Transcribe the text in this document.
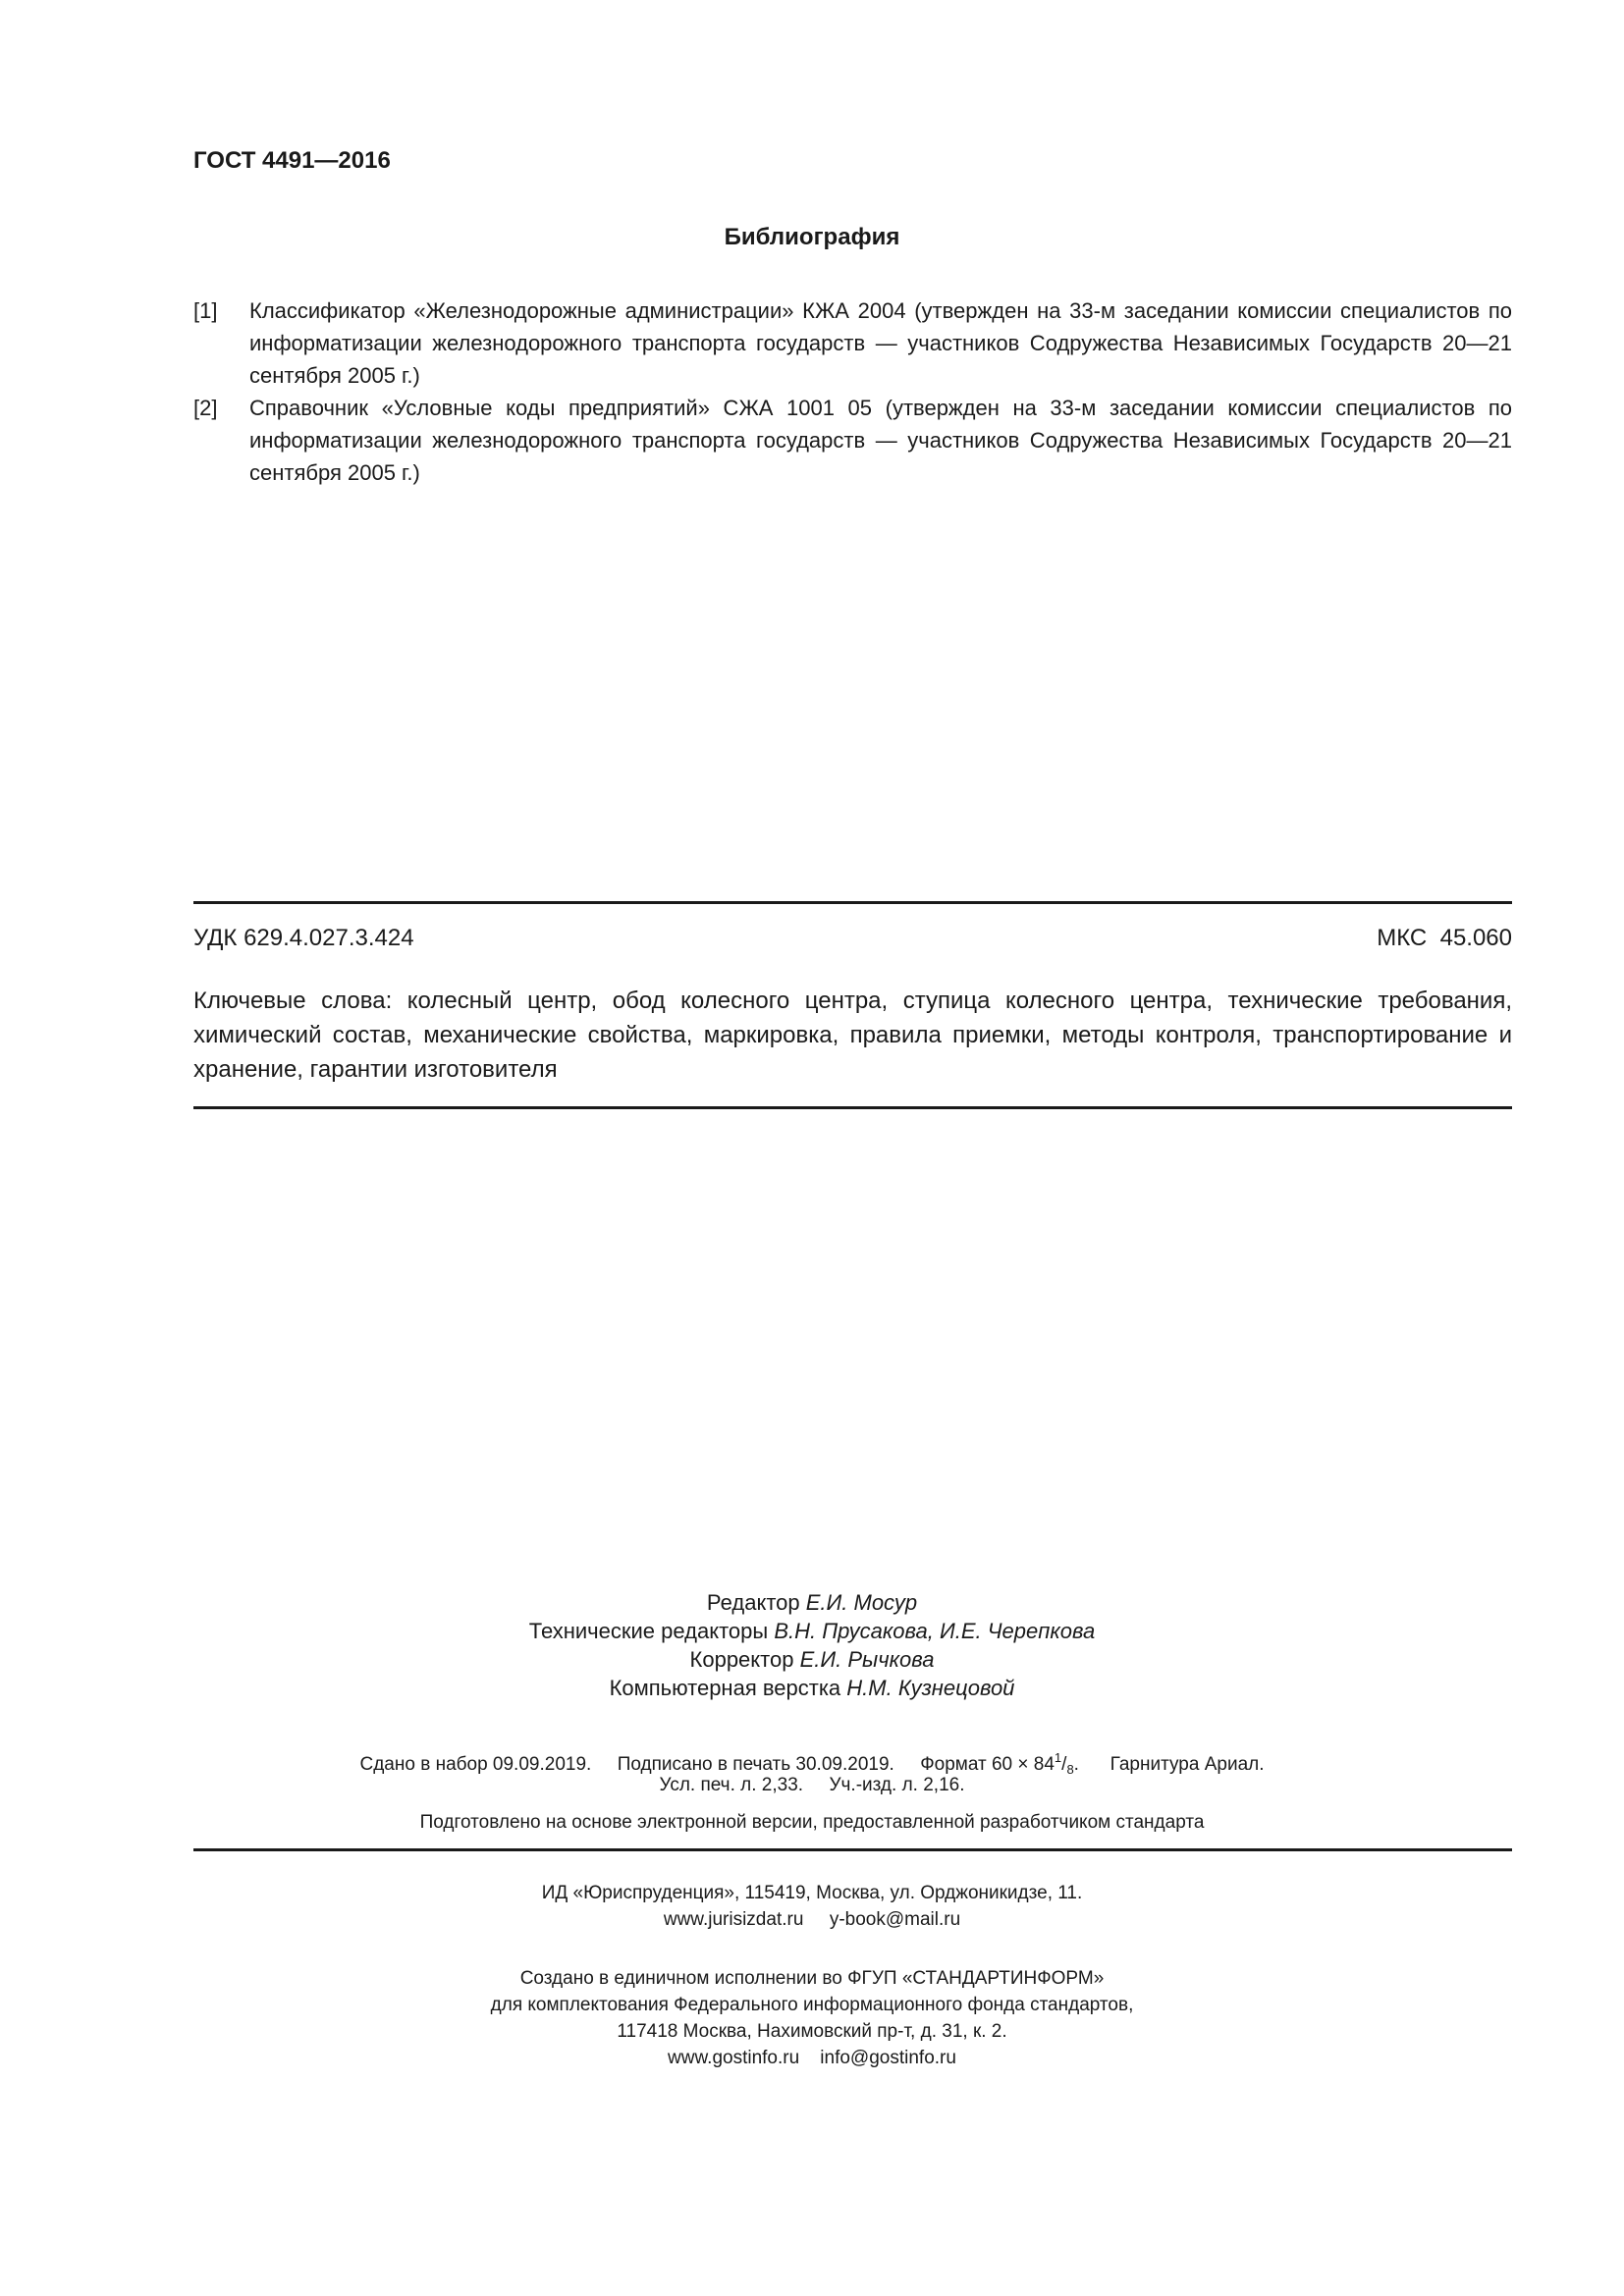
ГОСТ 4491—2016
Библиография
[1] Классификатор «Железнодорожные администрации» КЖА 2004 (утвержден на 33-м заседании комиссии специалистов по информатизации железнодорожного транспорта государств — участников Содружества Независимых Государств 20—21 сентября 2005 г.)
[2] Справочник «Условные коды предприятий» СЖА 1001 05 (утвержден на 33-м заседании комиссии специалистов по информатизации железнодорожного транспорта государств — участников Содружества Независимых Государств 20—21 сентября 2005 г.)
УДК 629.4.027.3.424	МКС  45.060
Ключевые слова: колесный центр, обод колесного центра, ступица колесного центра, технические требования, химический состав, механические свойства, маркировка, правила приемки, методы контроля, транспортирование и хранение, гарантии изготовителя
Редактор Е.И. Мосур
Технические редакторы В.Н. Прусакова, И.Е. Черепкова
Корректор Е.И. Рычкова
Компьютерная верстка Н.М. Кузнецовой
Сдано в набор 09.09.2019. Подписано в печать 30.09.2019. Формат $60 \times 84^1/_8$. Гарнитура Ариал.
Усл. печ. л. 2,33. Уч.-изд. л. 2,16.
Подготовлено на основе электронной версии, предоставленной разработчиком стандарта
ИД «Юриспруденция», 115419, Москва, ул. Орджоникидзе, 11.
www.jurisizdat.ru y-book@mail.ru
Создано в единичном исполнении во ФГУП «СТАНДАРТИНФОРМ»
для комплектования Федерального информационного фонда стандартов,
117418 Москва, Нахимовский пр-т, д. 31, к. 2.
www.gostinfo.ru info@gostinfo.ru
